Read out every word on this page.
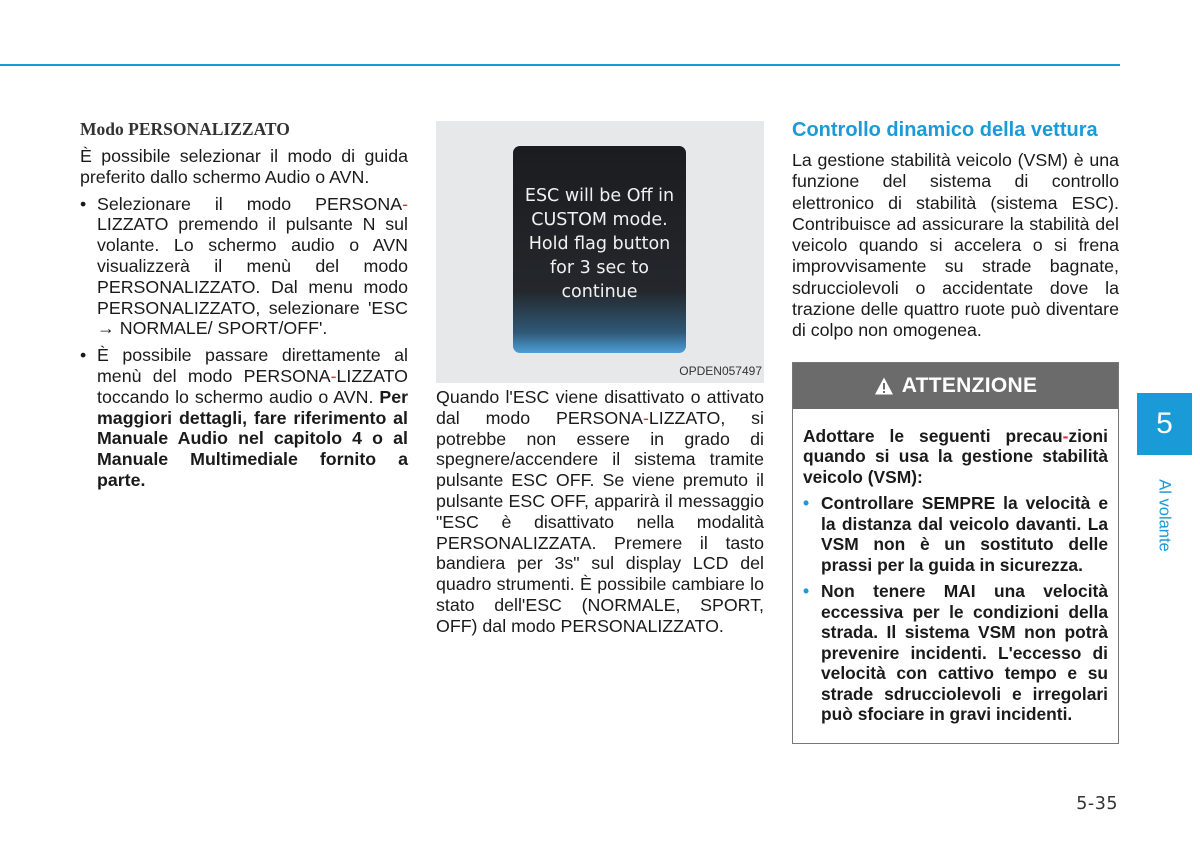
Modo PERSONALIZZATO

È possibile selezionar il modo di guida preferito dallo schermo Audio o AVN.

• Selezionare il modo PERSONA-LIZZATO premendo il pulsante N sul volante. Lo schermo audio o AVN visualizzerà il menù del modo PERSONALIZZATO. Dal menu modo PERSONALIZZATO, selezionare 'ESC → NORMALE/ SPORT/OFF'.
• È possibile passare direttamente al menù del modo PERSONA-LIZZATO toccando lo schermo audio o AVN. Per maggiori dettagli, fare riferimento al Manuale Audio nel capitolo 4 o al Manuale Multimediale fornito a parte.
ESC will be Off in
CUSTOM mode.
Hold flag button
for 3 sec to
continue
OPDEN057497

Quando l'ESC viene disattivato o attivato dal modo PERSONA-LIZZATO, si potrebbe non essere in grado di spegnere/accendere il sistema tramite pulsante ESC OFF. Se viene premuto il pulsante ESC OFF, apparirà il messaggio "ESC è disattivato nella modalità PERSONALIZZATA. Premere il tasto bandiera per 3s" sul display LCD del quadro strumenti. È possibile cambiare lo stato dell'ESC (NORMALE, SPORT, OFF) dal modo PERSONALIZZATO.

Controllo dinamico della vettura

La gestione stabilità veicolo (VSM) è una funzione del sistema di controllo elettronico di stabilità (sistema ESC). Contribuisce ad assicurare la stabilità del veicolo quando si accelera o si frena improvvisamente su strade bagnate, sdrucciolevoli o accidentate dove la trazione delle quattro ruote può diventare di colpo non omogenea.

ATTENZIONE

Adottare le seguenti precau-zioni quando si usa la gestione stabilità veicolo (VSM):

• Controllare SEMPRE la velocità e la distanza dal veicolo davanti. La VSM non è un sostituto delle prassi per la guida in sicurezza.
• Non tenere MAI una velocità eccessiva per le condizioni della strada. Il sistema VSM non potrà prevenire incidenti. L'eccesso di velocità con cattivo tempo e su strade sdrucciolevoli e irregolari può sfociare in gravi incidenti.
5
Al volante
5-35
